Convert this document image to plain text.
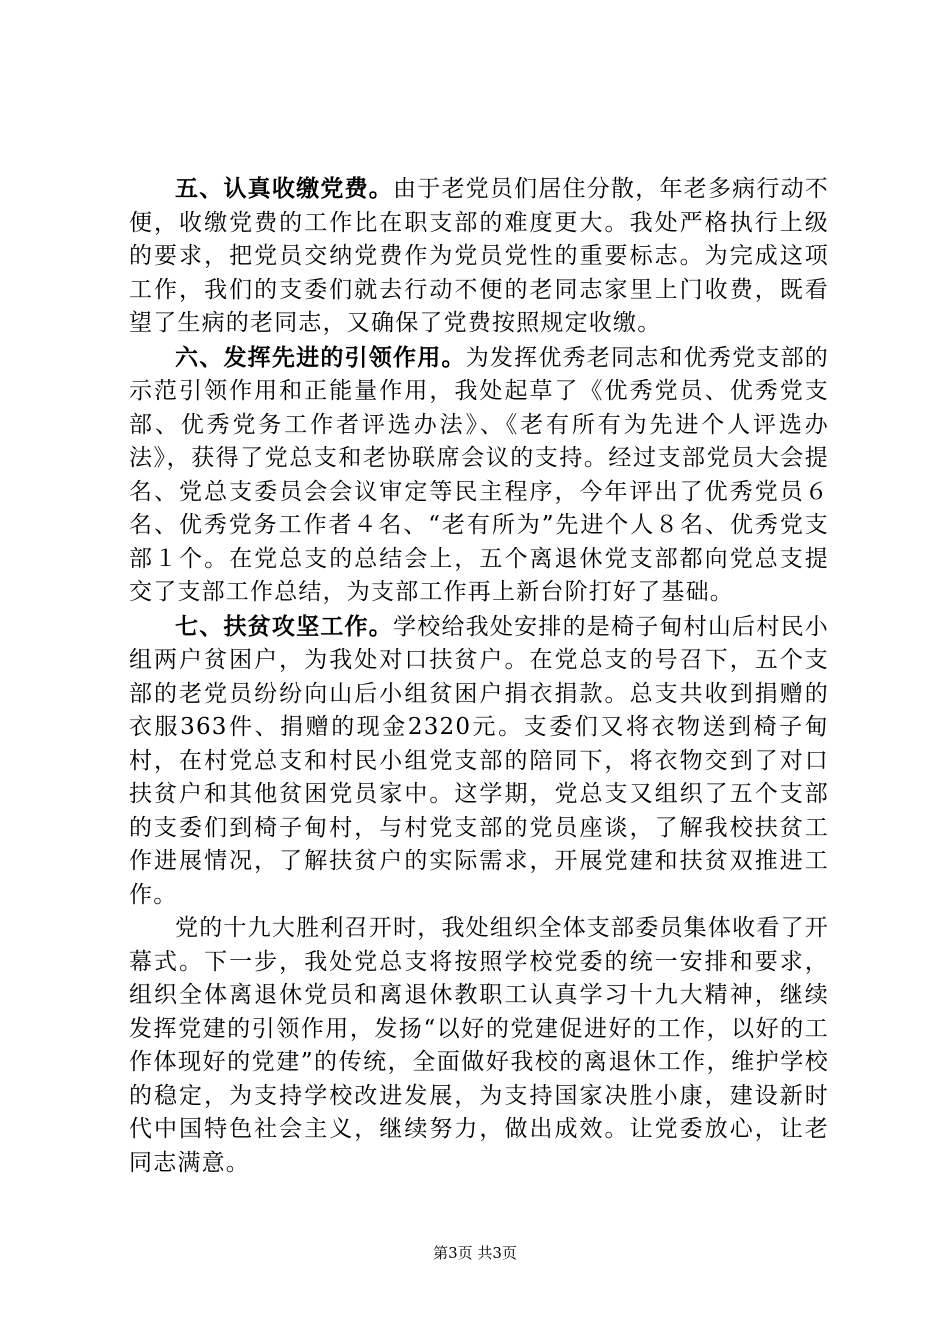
五、认真收缴党费。由于老党员们居住分散，年老多病行动不便，收缴党费的工作比在职支部的难度更大。我处严格执行上级的要求，把党员交纳党费作为党员党性的重要标志。为完成这项工作，我们的支委们就去行动不便的老同志家里上门收费，既看望了生病的老同志，又确保了党费按照规定收缴。

六、发挥先进的引领作用。为发挥优秀老同志和优秀党支部的示范引领作用和正能量作用，我处起草了《优秀党员、优秀党支部、优秀党务工作者评选办法》、《老有所有为先进个人评选办法》，获得了党总支和老协联席会议的支持。经过支部党员大会提名、党总支委员会会议审定等民主程序，今年评出了优秀党员６名、优秀党务工作者４名、“老有所为”先进个人８名、优秀党支部１个。在党总支的总结会上，五个离退休党支部都向党总支提交了支部工作总结，为支部工作再上新台阶打好了基础。

七、扶贫攻坚工作。学校给我处安排的是椅子甸村山后村民小组两户贫困户，为我处对口扶贫户。在党总支的号召下，五个支部的老党员纷纷向山后小组贫困户捐衣捐款。总支共收到捐赠的衣服363件、捐赠的现金2320元。支委们又将衣物送到椅子甸村，在村党总支和村民小组党支部的陪同下，将衣物交到了对口扶贫户和其他贫困党员家中。这学期，党总支又组织了五个支部的支委们到椅子甸村，与村党支部的党员座谈，了解我校扶贫工作进展情况，了解扶贫户的实际需求，开展党建和扶贫双推进工作。

党的十九大胜利召开时，我处组织全体支部委员集体收看了开幕式。下一步，我处党总支将按照学校党委的统一安排和要求，组织全体离退休党员和离退休教职工认真学习十九大精神，继续发挥党建的引领作用，发扬“以好的党建促进好的工作，以好的工作体现好的党建”的传统，全面做好我校的离退休工作，维护学校的稳定，为支持学校改进发展，为支持国家决胜小康，建设新时代中国特色社会主义，继续努力，做出成效。让党委放心，让老同志满意。

第3页 共3页
